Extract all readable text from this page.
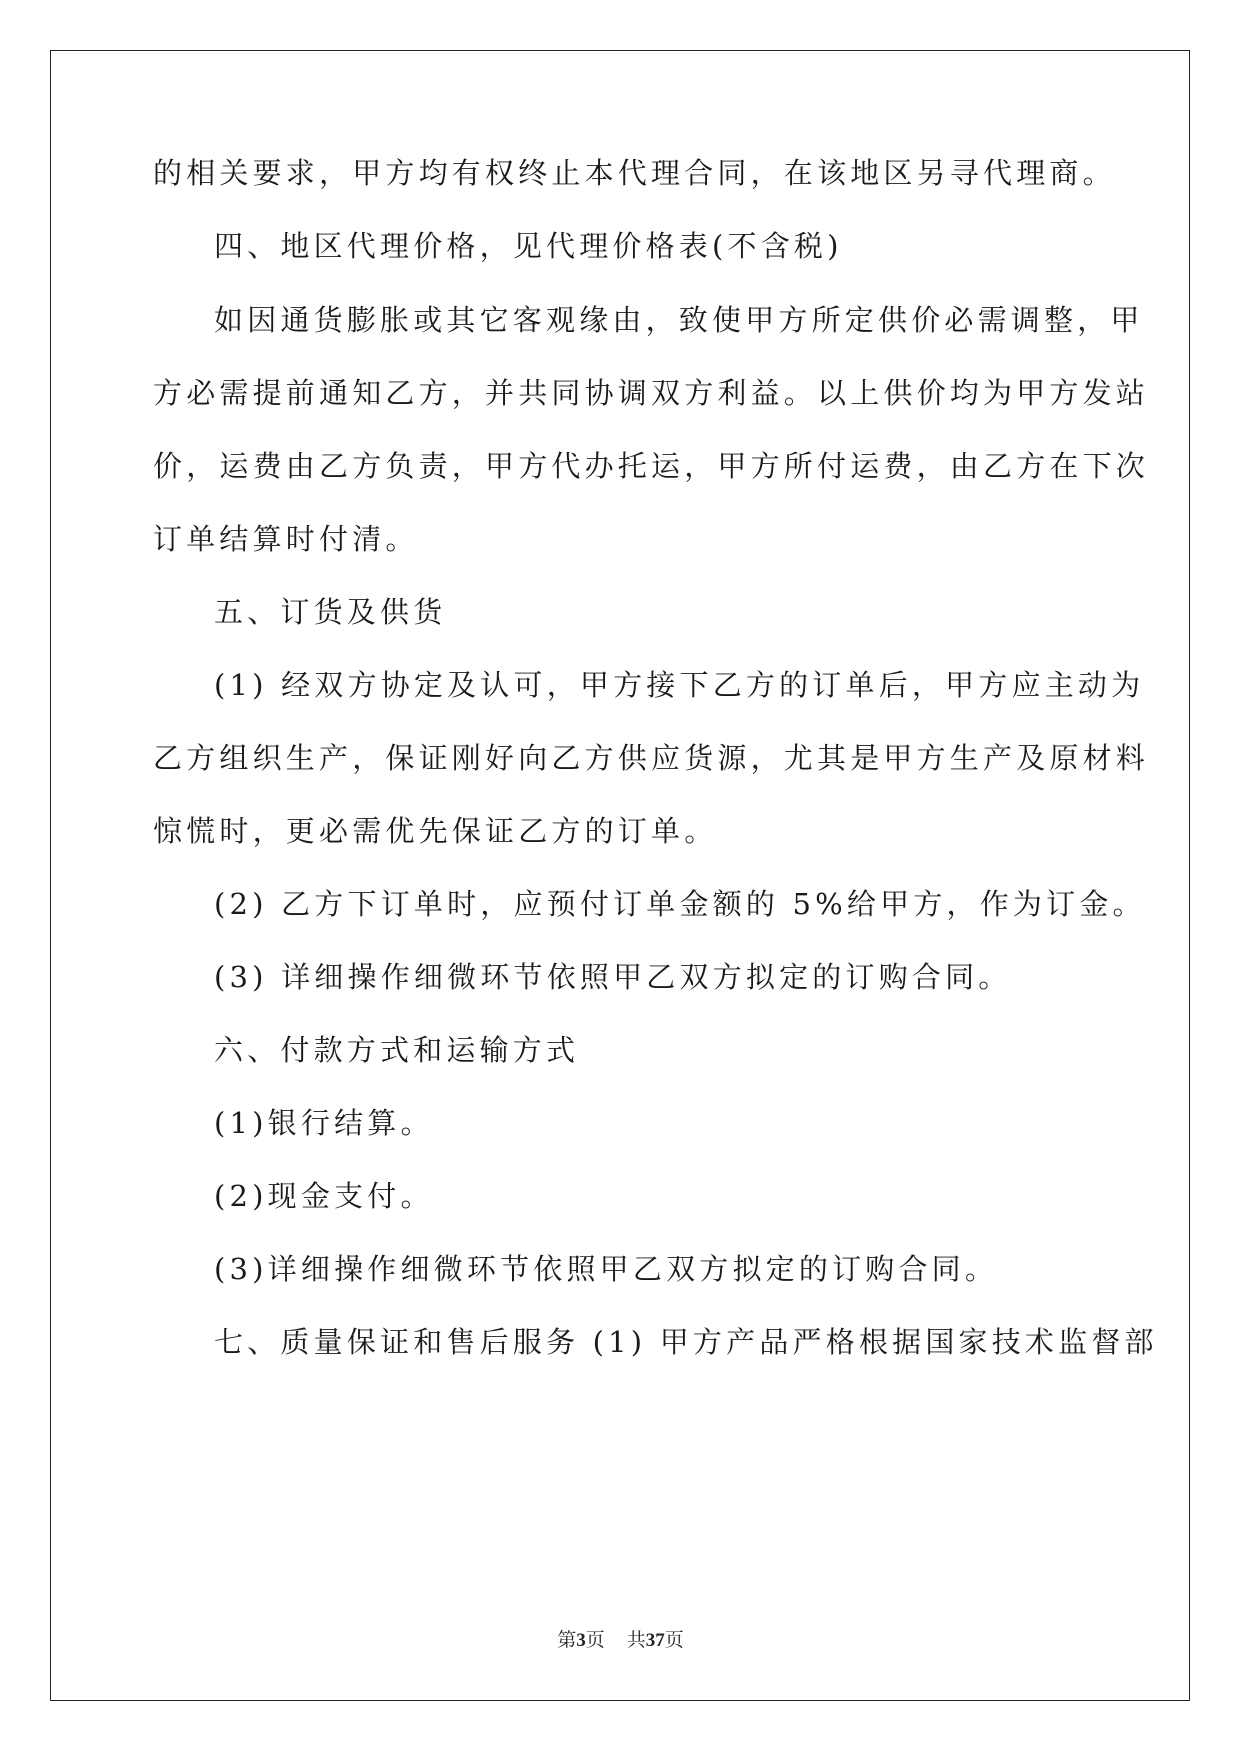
的相关要求，甲方均有权终止本代理合同，在该地区另寻代理商。
四、地区代理价格，见代理价格表(不含税)
如因通货膨胀或其它客观缘由，致使甲方所定供价必需调整，甲
方必需提前通知乙方，并共同协调双方利益。以上供价均为甲方发站
价，运费由乙方负责，甲方代办托运，甲方所付运费，由乙方在下次
订单结算时付清。
五、订货及供货
(1) 经双方协定及认可，甲方接下乙方的订单后，甲方应主动为
乙方组织生产，保证刚好向乙方供应货源，尤其是甲方生产及原材料
惊慌时，更必需优先保证乙方的订单。
(2) 乙方下订单时，应预付订单金额的 5%给甲方，作为订金。
(3) 详细操作细微环节依照甲乙双方拟定的订购合同。
六、付款方式和运输方式
(1)银行结算。
(2)现金支付。
(3)详细操作细微环节依照甲乙双方拟定的订购合同。
七、质量保证和售后服务 (1) 甲方产品严格根据国家技术监督部
第3页 共37页
